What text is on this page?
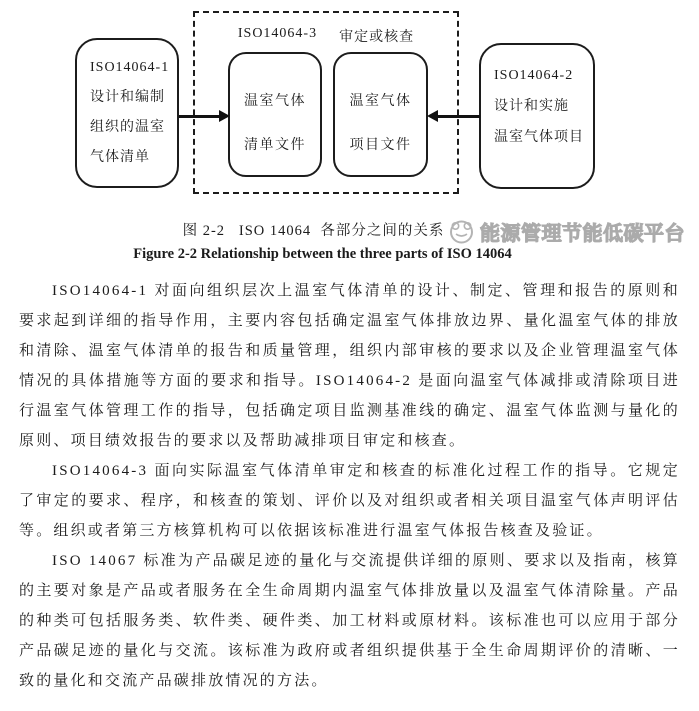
ISO14064-1
设计和编制
组织的温室
气体清单
ISO14064-3 审定或核查
温室气体
清单文件
温室气体
项目文件
ISO14064-2
设计和实施
温室气体项目
图 2-2   ISO 14064  各部分之间的关系
Figure 2-2 Relationship between the three parts of ISO 14064
能源管理节能低碳平台

ISO14064-1 对面向组织层次上温室气体清单的设计、制定、管理和报告的原则和要求起到详细的指导作用，主要内容包括确定温室气体排放边界、量化温室气体的排放和清除、温室气体清单的报告和质量管理，组织内部审核的要求以及企业管理温室气体情况的具体措施等方面的要求和指导。ISO14064-2 是面向温室气体减排或清除项目进行温室气体管理工作的指导，包括确定项目监测基准线的确定、温室气体监测与量化的原则、项目绩效报告的要求以及帮助减排项目审定和核查。

ISO14064-3 面向实际温室气体清单审定和核查的标准化过程工作的指导。它规定了审定的要求、程序，和核查的策划、评价以及对组织或者相关项目温室气体声明评估等。组织或者第三方核算机构可以依据该标准进行温室气体报告核查及验证。

ISO 14067 标准为产品碳足迹的量化与交流提供详细的原则、要求以及指南，核算的主要对象是产品或者服务在全生命周期内温室气体排放量以及温室气体清除量。产品的种类可包括服务类、软件类、硬件类、加工材料或原材料。该标准也可以应用于部分产品碳足迹的量化与交流。该标准为政府或者组织提供基于全生命周期评价的清晰、一致的量化和交流产品碳排放情况的方法。
